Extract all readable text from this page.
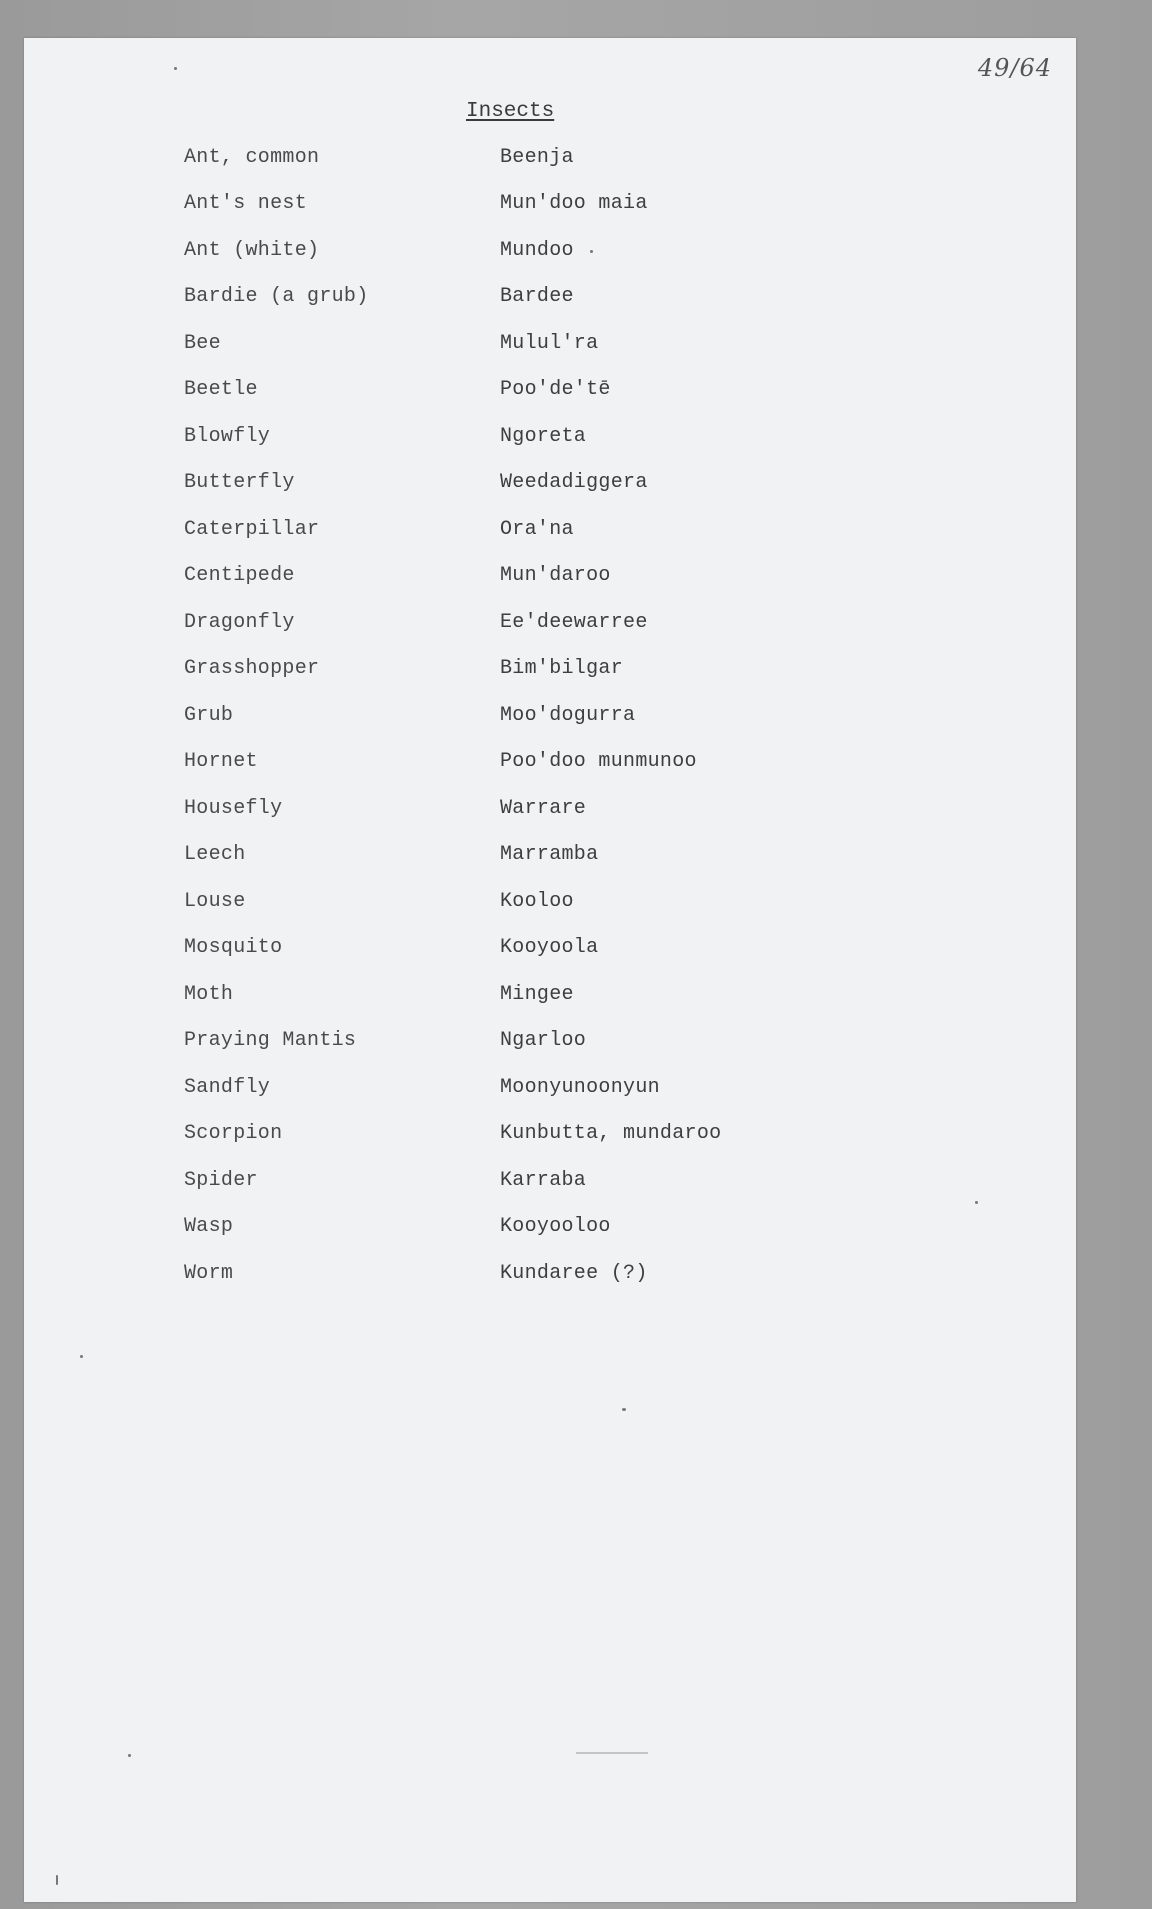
49/64
Insects
Ant, common	Beenja
Ant's nest	Mun'doo maia
Ant (white)	Mundoo
Bardie (a grub)	Bardee
Bee	Mulul'ra
Beetle	Poo'de'tē
Blowfly	Ngoreta
Butterfly	Weedadiggera
Caterpillar	Ora'na
Centipede	Mun'daroo
Dragonfly	Ee'deewarree
Grasshopper	Bim'bilgar
Grub	Moo'dogurra
Hornet	Poo'doo munmunoo
Housefly	Warrare
Leech	Marramba
Louse	Kooloo
Mosquito	Kooyoola
Moth	Mingee
Praying Mantis	Ngarloo
Sandfly	Moonyunoonyun
Scorpion	Kunbutta, mundaroo
Spider	Karraba
Wasp	Kooyooloo
Worm	Kundaree (?)
